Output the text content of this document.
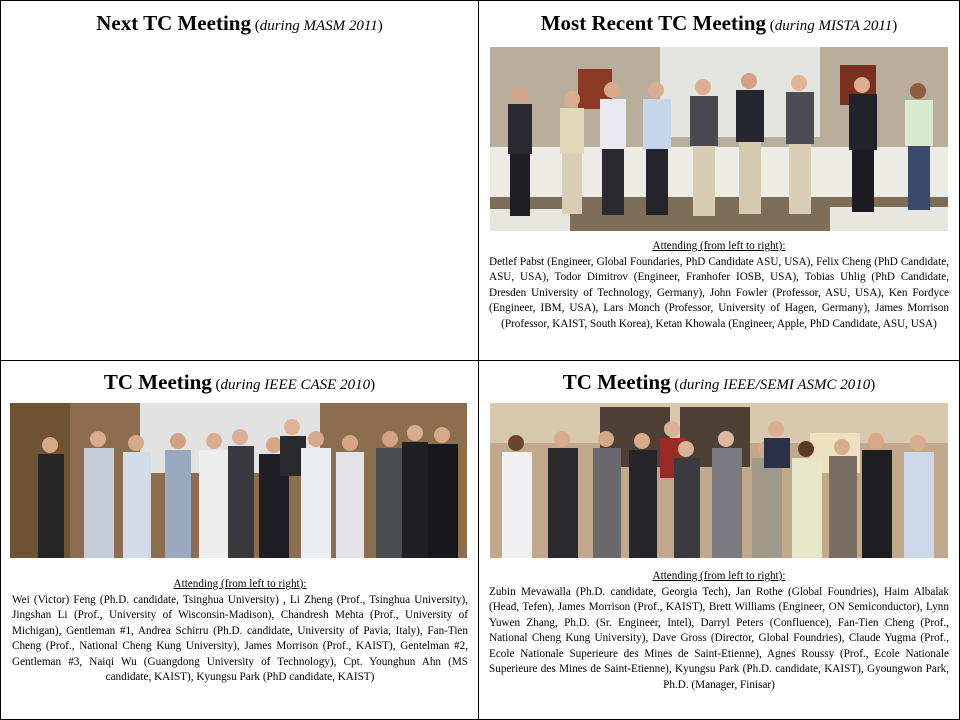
Next TC Meeting (during MASM 2011)	Most Recent TC Meeting (during MISTA 2011)
Attending (from left to right):
Detlef Pabst (Engineer, Global Foundaries, PhD Candidate ASU, USA), Felix Cheng (PhD Candidate, ASU, USA), Todor Dimitrov (Engineer, Franhofer IOSB, USA), Tobias Uhlig (PhD Candidate, Dresden University of Technology, Germany), John Fowler (Professor, ASU, USA), Ken Fordyce (Engineer, IBM, USA), Lars Monch (Professor, University of Hagen, Germany), James Morrison (Professor, KAIST, South Korea), Ketan Khowala (Engineer, Apple, PhD Candidate, ASU, USA)
TC Meeting (during IEEE CASE 2010)
Attending (from left to right):
Wei (Victor) Feng (Ph.D. candidate, Tsinghua University) , Li Zheng (Prof., Tsinghua University), Jingshan Li (Prof., University of Wisconsin-Madison), Chandresh Mehta (Prof., University of Michigan), Gentleman #1, Andrea Schirru (Ph.D. candidate, University of Pavia, Italy), Fan-Tien Cheng (Prof., National Cheng Kung University), James Morrison (Prof., KAIST), Gentelman #2, Gentleman #3, Naiqi Wu (Guangdong University of Technology), Cpt. Younghun Ahn (MS candidate, KAIST), Kyungsu Park (PhD candidate, KAIST)
TC Meeting (during IEEE/SEMI ASMC 2010)
Attending (from left to right):
Zubin Mevawalla (Ph.D. candidate, Georgia Tech), Jan Rothe (Global Foundries), Haim Albalak (Head, Tefen), James Morrison (Prof., KAIST), Brett Williams (Engineer, ON Semiconductor), Lynn Yuwen Zhang, Ph.D. (Sr. Engineer, Intel), Darryl Peters (Confluence), Fan-Tien Cheng (Prof., National Cheng Kung University), Dave Gross (Director, Global Foundries), Claude Yugma (Prof., Ecole Nationale Superieure des Mines de Saint-Etienne), Agnes Roussy (Prof., Ecole Nationale Superieure des Mines de Saint-Etienne), Kyungsu Park (Ph.D. candidate, KAIST), Gyoungwon Park, Ph.D. (Manager, Finisar)
